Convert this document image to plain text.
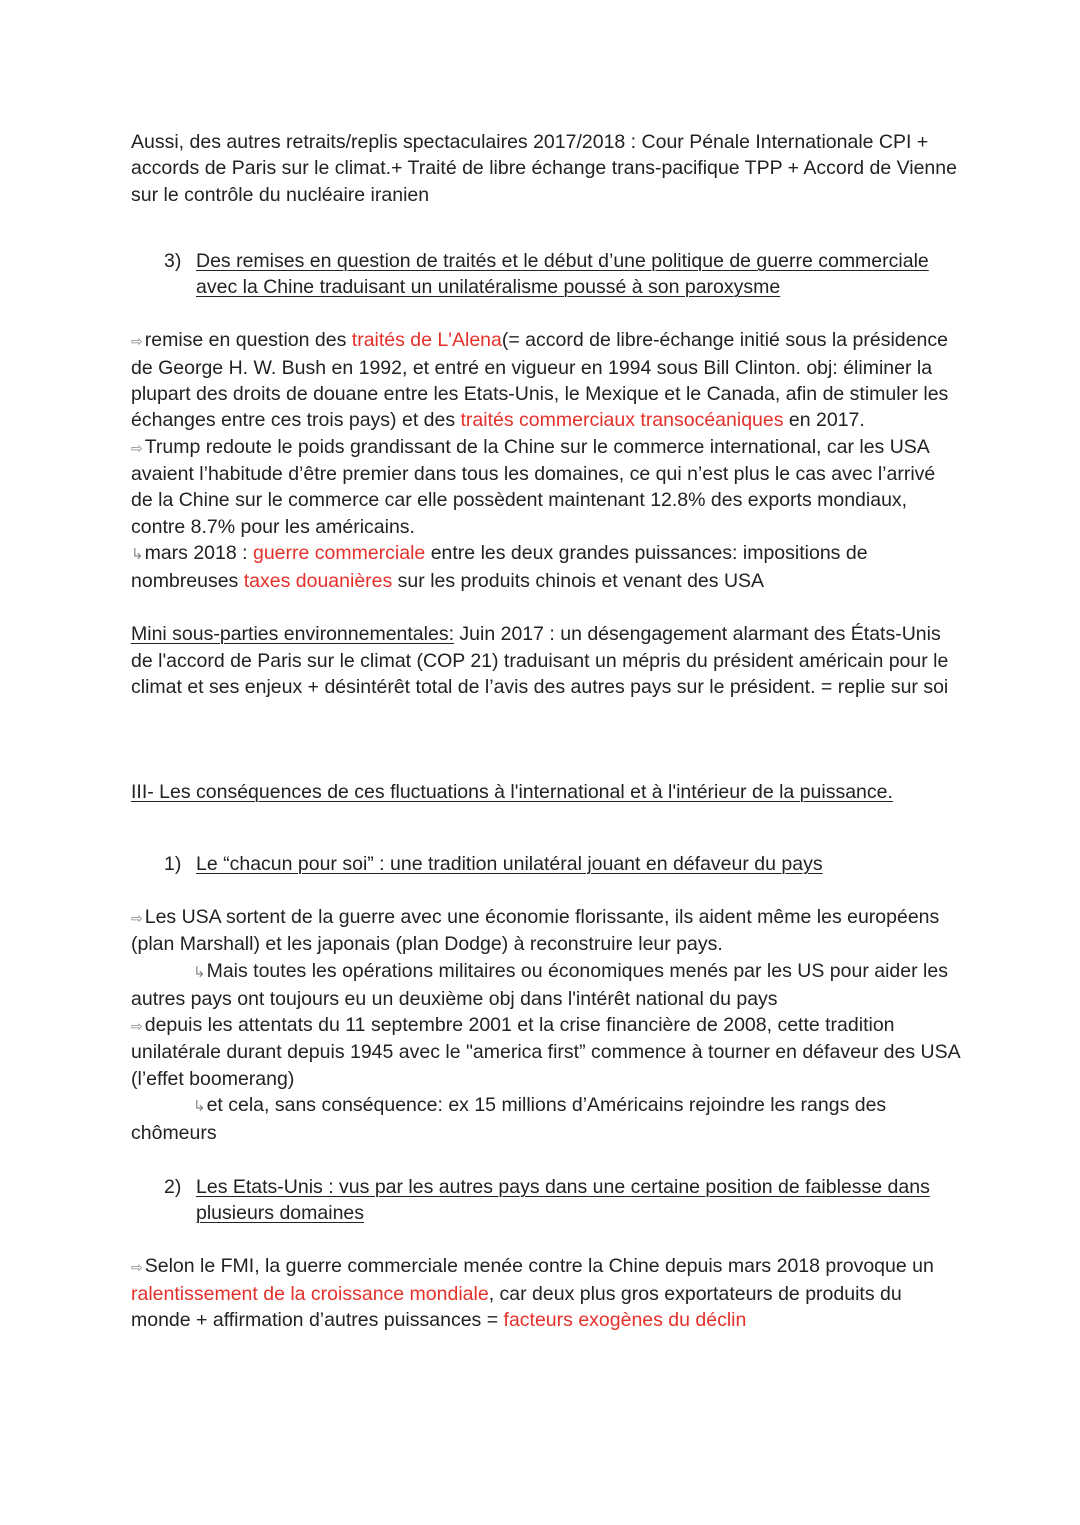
Aussi, des autres retraits/replis spectaculaires 2017/2018 : Cour Pénale Internationale CPI + accords de Paris sur le climat.+ Traité de libre échange trans-pacifique TPP + Accord de Vienne sur le contrôle du nucléaire iranien

3) Des remises en question de traités et le début d’une politique de guerre commerciale avec la Chine traduisant un unilatéralisme poussé à son paroxysme

⇨ remise en question des traités de L'Alena(= accord de libre-échange initié sous la présidence de George H. W. Bush en 1992, et entré en vigueur en 1994 sous Bill Clinton. obj: éliminer la plupart des droits de douane entre les Etats-Unis, le Mexique et le Canada, afin de stimuler les échanges entre ces trois pays) et des traités commerciaux transocéaniques en 2017.

⇨ Trump redoute le poids grandissant de la Chine sur le commerce international, car les USA avaient l’habitude d’être premier dans tous les domaines, ce qui n’est plus le cas avec l’arrivé de la Chine sur le commerce car elle possèdent maintenant 12.8% des exports mondiaux, contre 8.7% pour les américains.

↳mars 2018 : guerre commerciale entre les deux grandes puissances: impositions de nombreuses taxes douanières sur les produits chinois et venant des USA

Mini sous-parties environnementales: Juin 2017 : un désengagement alarmant des États-Unis de l'accord de Paris sur le climat (COP 21) traduisant un mépris du président américain pour le climat et ses enjeux + désintérêt total de l’avis des autres pays sur le président. = replie sur soi

III- Les conséquences de ces fluctuations à l'international et à l'intérieur de la puissance.

1) Le “chacun pour soi” : une tradition unilatéral jouant en défaveur du pays

⇨ Les USA sortent de la guerre avec une économie florissante, ils aident même les européens (plan Marshall) et les japonais (plan Dodge) à reconstruire leur pays.

↳Mais toutes les opérations militaires ou économiques menés par les US pour aider les autres pays ont toujours eu un deuxième obj dans l'intérêt national du pays

⇨ depuis les attentats du 11 septembre 2001 et la crise financière de 2008, cette tradition unilatérale durant depuis 1945 avec le "america first” commence à tourner en défaveur des USA (l’effet boomerang)

↳et cela, sans conséquence: ex 15 millions d’Américains rejoindre les rangs des chômeurs

2) Les Etats-Unis : vus par les autres pays dans une certaine position de faiblesse dans plusieurs domaines

⇨ Selon le FMI, la guerre commerciale menée contre la Chine depuis mars 2018 provoque un ralentissement de la croissance mondiale, car deux plus gros exportateurs de produits du monde + affirmation d’autres puissances = facteurs exogènes du déclin
